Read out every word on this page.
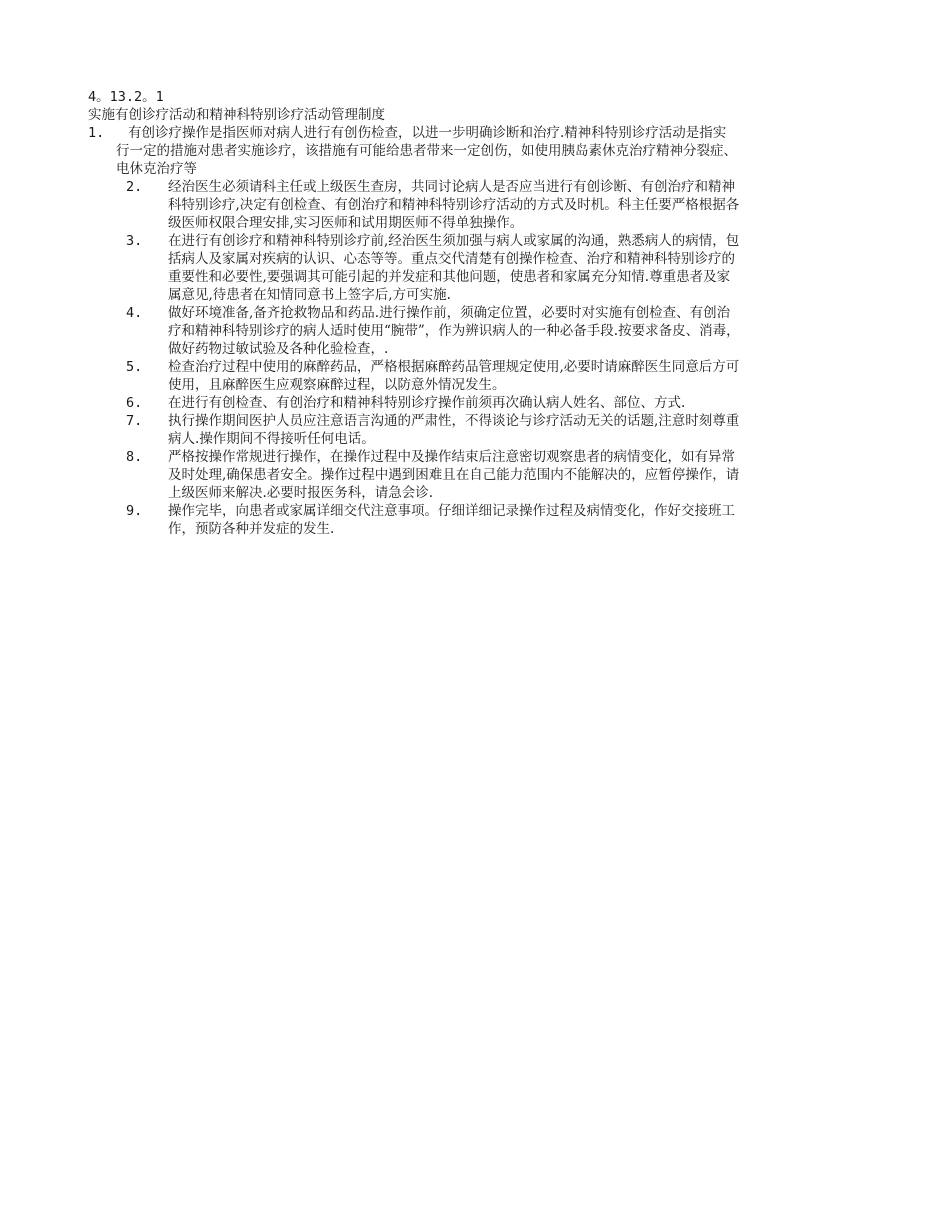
4。13.2。1
实施有创诊疗活动和精神科特别诊疗活动管理制度
1. 有创诊疗操作是指医师对病人进行有创伤检查，以进一步明确诊断和治疗.精神科特别诊疗活动是指实
行一定的措施对患者实施诊疗，该措施有可能给患者带来一定创伤，如使用胰岛素休克治疗精神分裂症、
电休克治疗等
2. 经治医生必须请科主任或上级医生查房，共同讨论病人是否应当进行有创诊断、有创治疗和精神
科特别诊疗,决定有创检查、有创治疗和精神科特别诊疗活动的方式及时机。科主任要严格根据各
级医师权限合理安排,实习医师和试用期医师不得单独操作。
3. 在进行有创诊疗和精神科特别诊疗前,经治医生须加强与病人或家属的沟通，熟悉病人的病情，包
括病人及家属对疾病的认识、心态等等。重点交代清楚有创操作检查、治疗和精神科特别诊疗的
重要性和必要性,要强调其可能引起的并发症和其他问题，使患者和家属充分知情.尊重患者及家
属意见,待患者在知情同意书上签字后,方可实施.
4. 做好环境准备,备齐抢救物品和药品.进行操作前，须确定位置，必要时对实施有创检查、有创治
疗和精神科特别诊疗的病人适时使用“腕带”，作为辨识病人的一种必备手段.按要求备皮、消毒，
做好药物过敏试验及各种化验检查，.
5. 检查治疗过程中使用的麻醉药品，严格根据麻醉药品管理规定使用,必要时请麻醉医生同意后方可
使用，且麻醉医生应观察麻醉过程，以防意外情况发生。
6. 在进行有创检查、有创治疗和精神科特别诊疗操作前须再次确认病人姓名、部位、方式.
7. 执行操作期间医护人员应注意语言沟通的严肃性，不得谈论与诊疗活动无关的话题,注意时刻尊重
病人.操作期间不得接听任何电话。
8. 严格按操作常规进行操作，在操作过程中及操作结束后注意密切观察患者的病情变化，如有异常
及时处理,确保患者安全。操作过程中遇到困难且在自己能力范围内不能解决的，应暂停操作，请
上级医师来解决.必要时报医务科，请急会诊.
9. 操作完毕，向患者或家属详细交代注意事项。仔细详细记录操作过程及病情变化，作好交接班工
作，预防各种并发症的发生.
